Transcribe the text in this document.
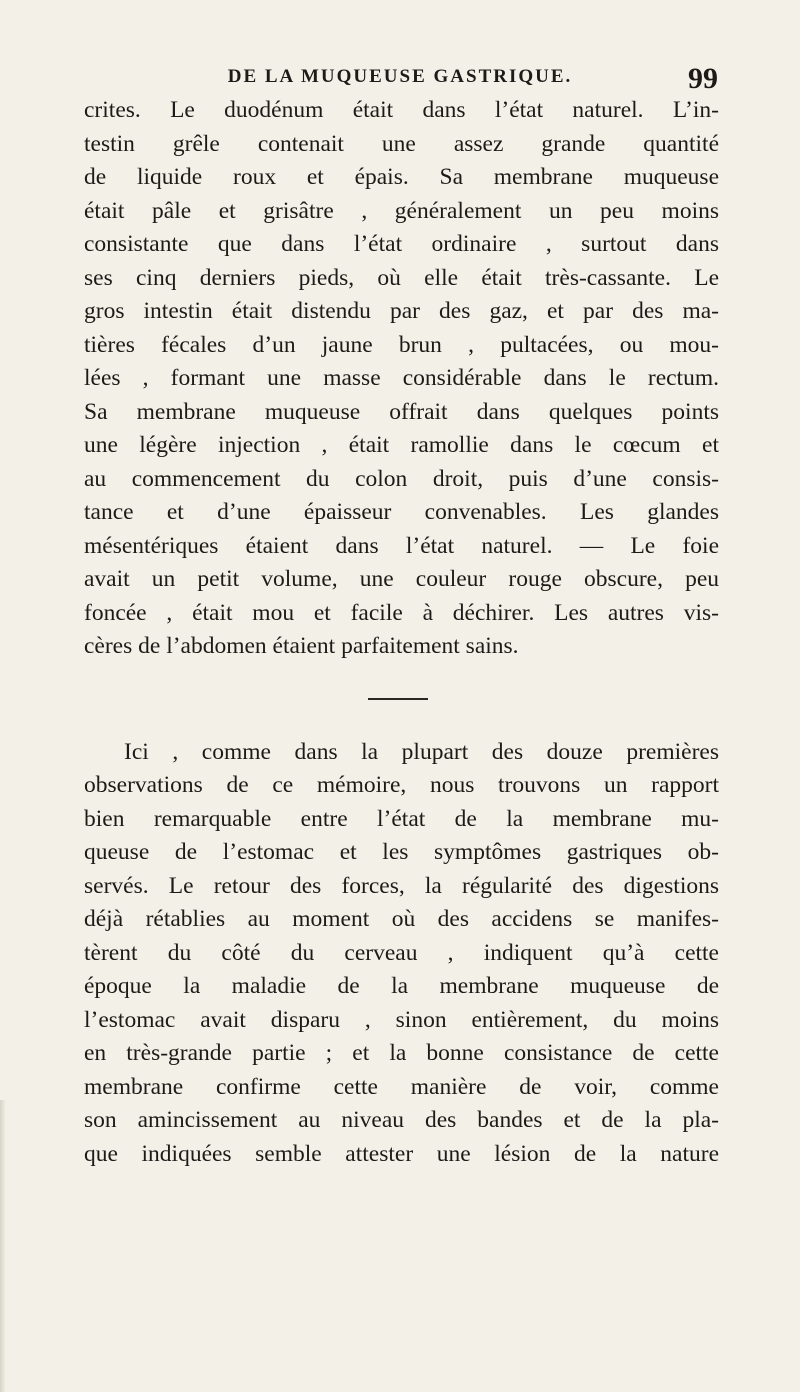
DE LA MUQUEUSE GASTRIQUE.	99
crites. Le duodénum était dans l’état naturel. L’in-
testin grêle contenait une assez grande quantité
de liquide roux et épais. Sa membrane muqueuse
était pâle et grisâtre , généralement un peu moins
consistante que dans l’état ordinaire , surtout dans
ses cinq derniers pieds, où elle était très-cassante. Le
gros intestin était distendu par des gaz, et par des ma-
tières fécales d’un jaune brun , pultacées, ou mou-
lées , formant une masse considérable dans le rectum.
Sa membrane muqueuse offrait dans quelques points
une légère injection , était ramollie dans le cœcum et
au commencement du colon droit, puis d’une consis-
tance et d’une épaisseur convenables. Les glandes
mésentériques étaient dans l’état naturel. — Le foie
avait un petit volume, une couleur rouge obscure, peu
foncée , était mou et facile à déchirer. Les autres vis-
cères de l’abdomen étaient parfaitement sains.
Ici , comme dans la plupart des douze premières
observations de ce mémoire, nous trouvons un rapport
bien remarquable entre l’état de la membrane mu-
queuse de l’estomac et les symptômes gastriques ob-
servés. Le retour des forces, la régularité des digestions
déjà rétablies au moment où des accidens se manifes-
tèrent du côté du cerveau , indiquent qu’à cette
époque la maladie de la membrane muqueuse de
l’estomac avait disparu , sinon entièrement, du moins
en très-grande partie ; et la bonne consistance de cette
membrane confirme cette manière de voir, comme
son amincissement au niveau des bandes et de la pla-
que indiquées semble attester une lésion de la nature
